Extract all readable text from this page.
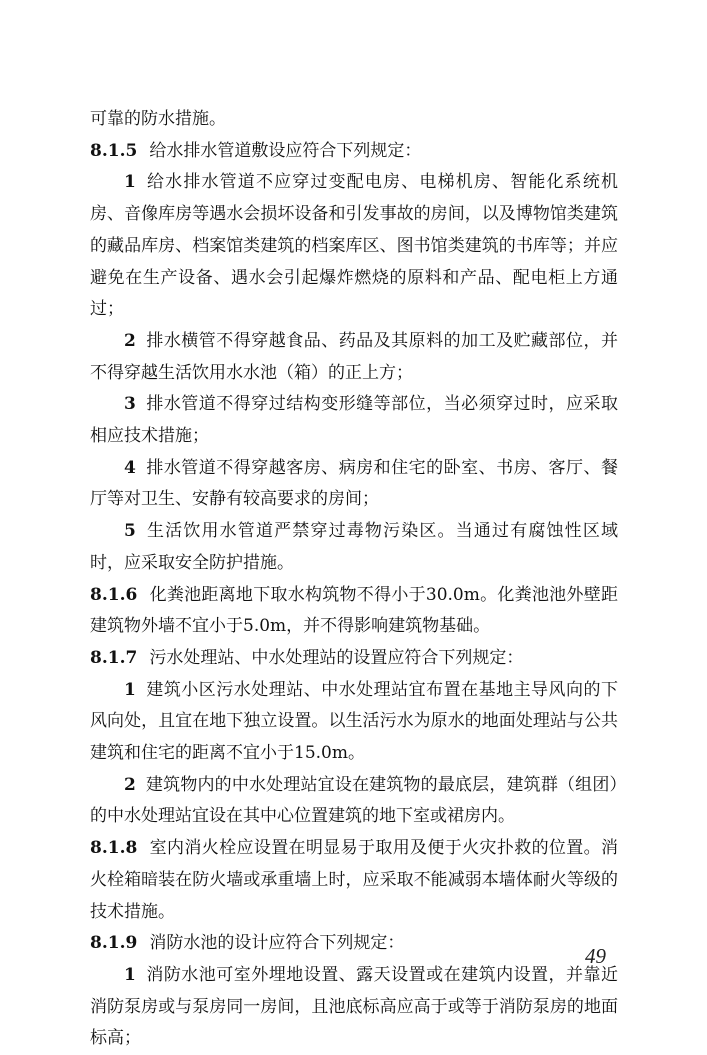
可靠的防水措施。

8.1.5 给水排水管道敷设应符合下列规定：

1 给水排水管道不应穿过变配电房、电梯机房、智能化系统机房、音像库房等遇水会损坏设备和引发事故的房间，以及博物馆类建筑的藏品库房、档案馆类建筑的档案库区、图书馆类建筑的书库等；并应避免在生产设备、遇水会引起爆炸燃烧的原料和产品、配电柜上方通过；

2 排水横管不得穿越食品、药品及其原料的加工及贮藏部位，并不得穿越生活饮用水水池（箱）的正上方；

3 排水管道不得穿过结构变形缝等部位，当必须穿过时，应采取相应技术措施；

4 排水管道不得穿越客房、病房和住宅的卧室、书房、客厅、餐厅等对卫生、安静有较高要求的房间；

5 生活饮用水管道严禁穿过毒物污染区。当通过有腐蚀性区域时，应采取安全防护措施。

8.1.6 化粪池距离地下取水构筑物不得小于30.0m。化粪池池外壁距建筑物外墙不宜小于5.0m，并不得影响建筑物基础。

8.1.7 污水处理站、中水处理站的设置应符合下列规定：

1 建筑小区污水处理站、中水处理站宜布置在基地主导风向的下风向处，且宜在地下独立设置。以生活污水为原水的地面处理站与公共建筑和住宅的距离不宜小于15.0m。

2 建筑物内的中水处理站宜设在建筑物的最底层，建筑群（组团）的中水处理站宜设在其中心位置建筑的地下室或裙房内。

8.1.8 室内消火栓应设置在明显易于取用及便于火灾扑救的位置。消火栓箱暗装在防火墙或承重墙上时，应采取不能减弱本墙体耐火等级的技术措施。

8.1.9 消防水池的设计应符合下列规定：

1 消防水池可室外埋地设置、露天设置或在建筑内设置，并靠近消防泵房或与泵房同一房间，且池底标高应高于或等于消防泵房的地面标高；

49
